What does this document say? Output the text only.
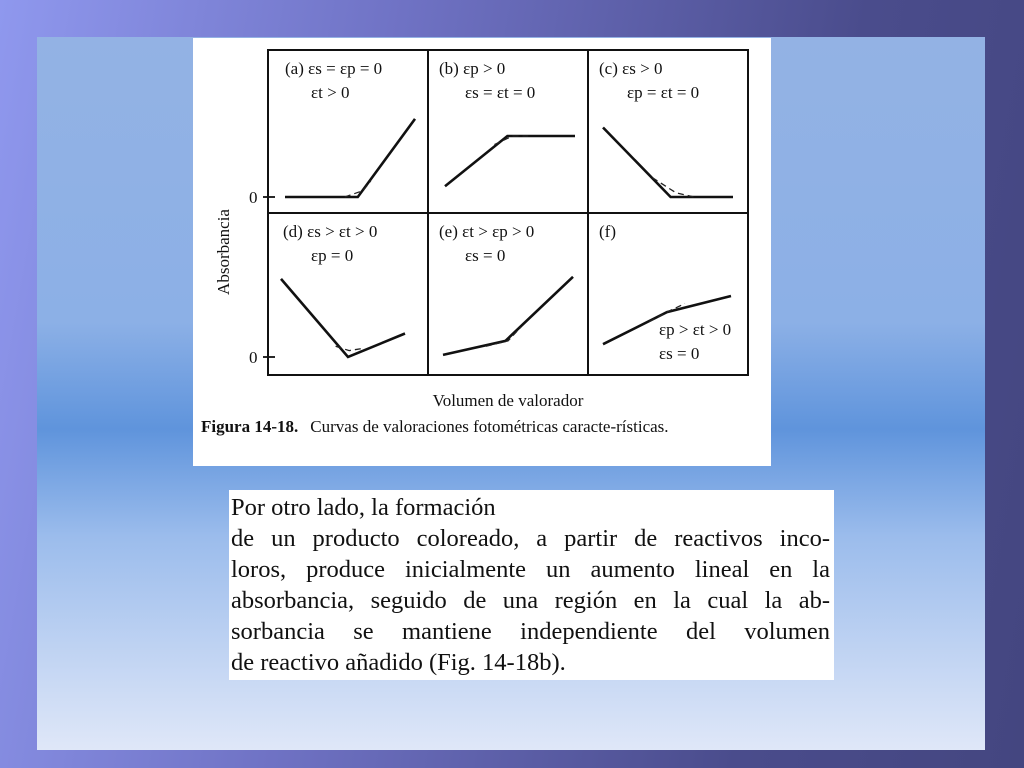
Absorbancia
0
0
(a) εs = εp = 0
εt > 0
(b) εp > 0
εs = εt = 0
(c) εs > 0
εp = εt = 0
(d) εs > εt > 0
εp = 0
(e) εt > εp > 0
εs = 0
(f)
εp > εt > 0
εs = 0
Volumen de valorador
Figura 14-18. Curvas de valoraciones fotométricas caracte-rísticas.

Por otro lado, la formación

de un producto coloreado, a partir de reactivos inco-

loros, produce inicialmente un aumento lineal en la

absorbancia, seguido de una región en la cual la ab-

sorbancia se mantiene independiente del volumen

de reactivo añadido (Fig. 14-18b).
